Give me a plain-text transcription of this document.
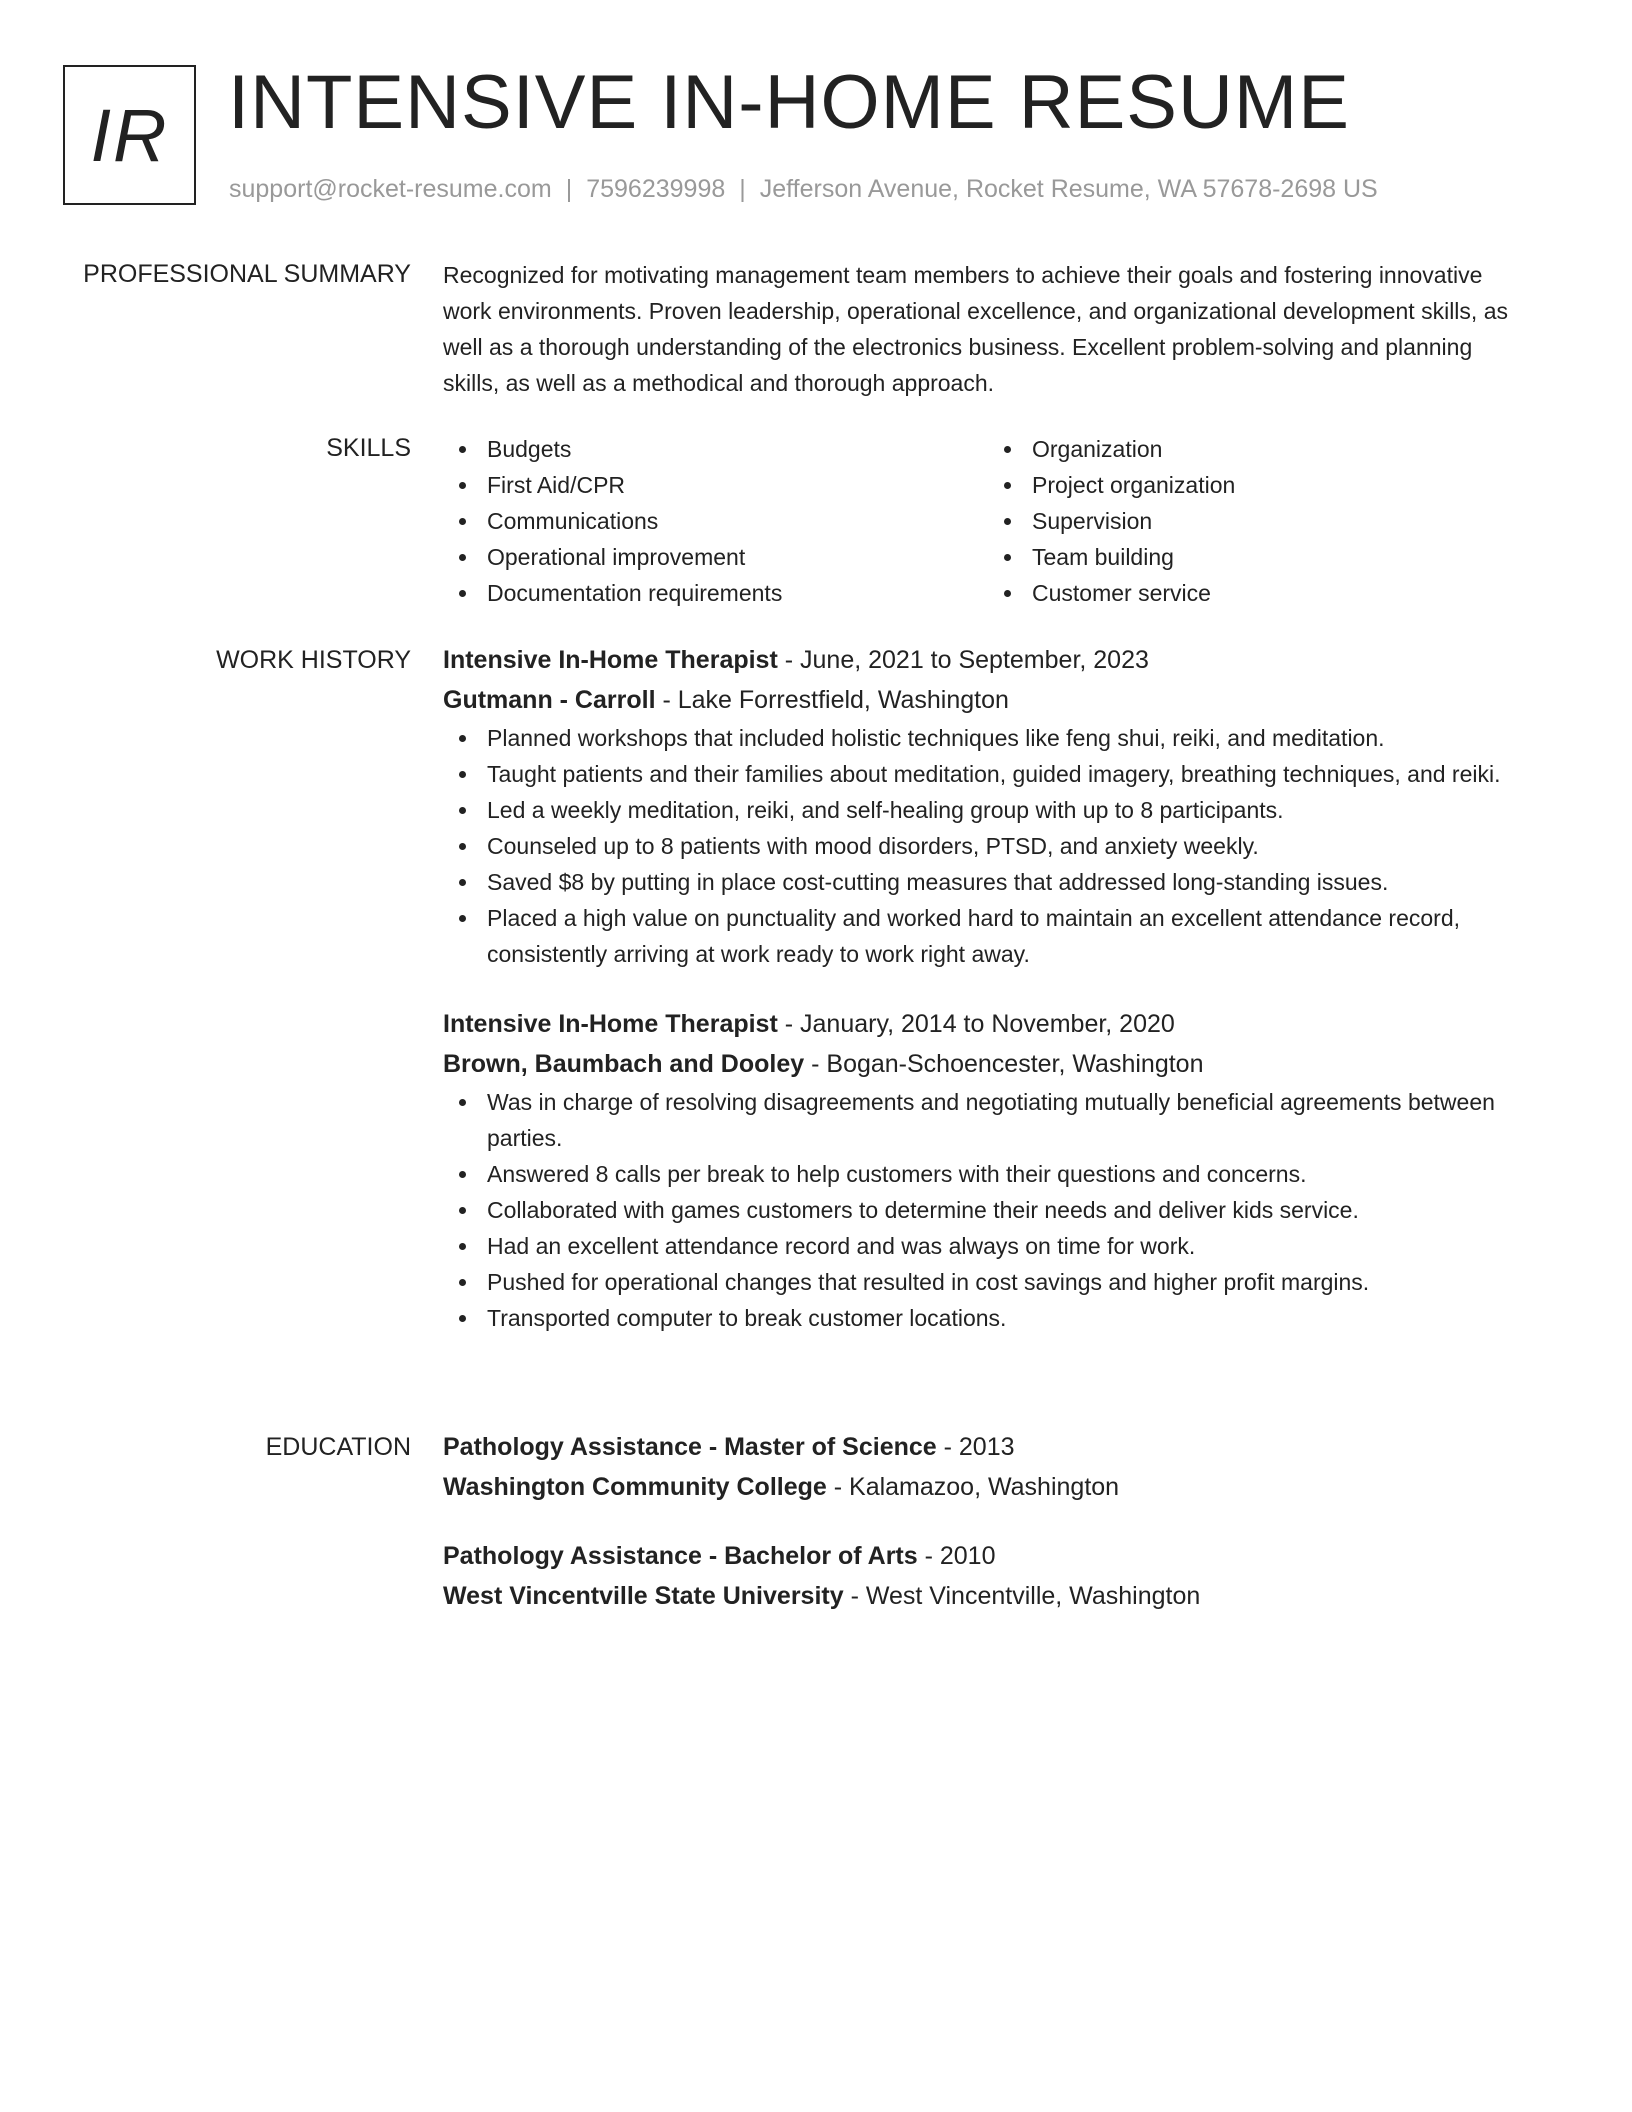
IR INTENSIVE IN-HOME RESUME
support@rocket-resume.com | 7596239998 | Jefferson Avenue, Rocket Resume, WA 57678-2698 US
PROFESSIONAL SUMMARY Recognized for motivating management team members to achieve their goals and fostering innovative work environments. Proven leadership, operational excellence, and organizational development skills, as well as a thorough understanding of the electronics business. Excellent problem-solving and planning skills, as well as a methodical and thorough approach.

SKILLS	Budgets
First Aid/CPR
Communications
Operational improvement
Documentation requirements
Organization
Project organization
Supervision
Team building
Customer service
WORK HISTORY Intensive In-Home Therapist - June, 2021 to September, 2023
Gutmann - Carroll - Lake Forrestfield, Washington
Planned workshops that included holistic techniques like feng shui, reiki, and meditation.
Taught patients and their families about meditation, guided imagery, breathing techniques, and reiki.
Led a weekly meditation, reiki, and self-healing group with up to 8 participants.
Counseled up to 8 patients with mood disorders, PTSD, and anxiety weekly.
Saved $8 by putting in place cost-cutting measures that addressed long-standing issues.
Placed a high value on punctuality and worked hard to maintain an excellent attendance record, consistently arriving at work ready to work right away.
Intensive In-Home Therapist - January, 2014 to November, 2020
Brown, Baumbach and Dooley - Bogan-Schoencester, Washington
Was in charge of resolving disagreements and negotiating mutually beneficial agreements between parties.
Answered 8 calls per break to help customers with their questions and concerns.
Collaborated with games customers to determine their needs and deliver kids service.
Had an excellent attendance record and was always on time for work.
Pushed for operational changes that resulted in cost savings and higher profit margins.
Transported computer to break customer locations.
EDUCATION Pathology Assistance - Master of Science - 2013
Washington Community College - Kalamazoo, Washington
Pathology Assistance - Bachelor of Arts - 2010
West Vincentville State University - West Vincentville, Washington
